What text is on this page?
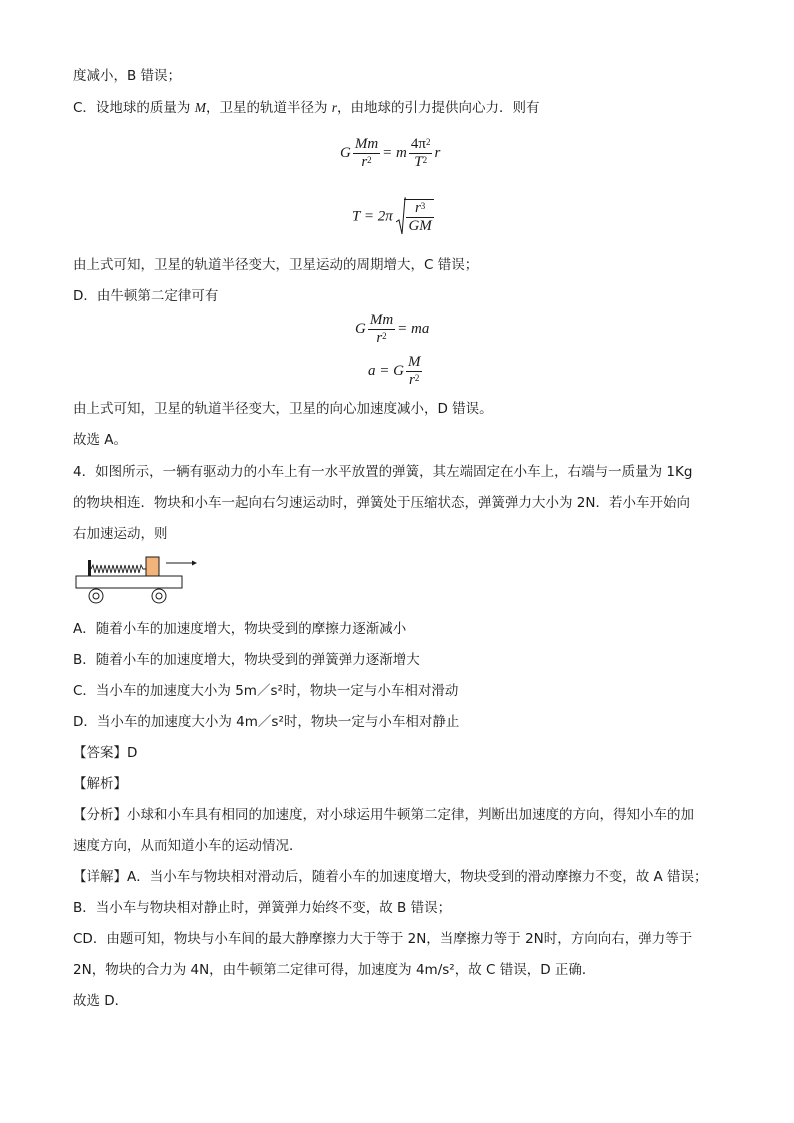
度减小，B 错误；
C．设地球的质量为 M，卫星的轨道半径为 r，由地球的引力提供向心力．则有
G $\frac{Mm}{r^2} = m \frac{4\pi^2}{T^2}$ r
$T = 2\pi \frac{r^3}{GM}$
由上式可知，卫星的轨道半径变大，卫星运动的周期增大，C 错误；
D．由牛顿第二定律可有
G $\frac{Mm}{r^2}$ = ma
a = G $\frac{M}{r^2}$
由上式可知，卫星的轨道半径变大，卫星的向心加速度减小，D 错误。
故选 A。
4．如图所示，一辆有驱动力的小车上有一水平放置的弹簧，其左端固定在小车上，右端与一质量为 1Kg
的物块相连．物块和小车一起向右匀速运动时，弹簧处于压缩状态，弹簧弹力大小为 2N．若小车开始向
右加速运动，则
A．随着小车的加速度增大，物块受到的摩擦力逐渐减小
B．随着小车的加速度增大，物块受到的弹簧弹力逐渐增大
C．当小车的加速度大小为 5m／s²时，物块一定与小车相对滑动
D．当小车的加速度大小为 4m／s²时，物块一定与小车相对静止
【答案】D
【解析】
【分析】小球和小车具有相同的加速度，对小球运用牛顿第二定律，判断出加速度的方向，得知小车的加
速度方向，从而知道小车的运动情况．
【详解】A．当小车与物块相对滑动后，随着小车的加速度增大，物块受到的滑动摩擦力不变，故 A 错误；
B．当小车与物块相对静止时，弹簧弹力始终不变，故 B 错误；
CD．由题可知，物块与小车间的最大静摩擦力大于等于 2N，当摩擦力等于 2N时，方向向右，弹力等于
2N，物块的合力为 4N，由牛顿第二定律可得，加速度为 4m/s²，故 C 错误，D 正确．
故选 D．
